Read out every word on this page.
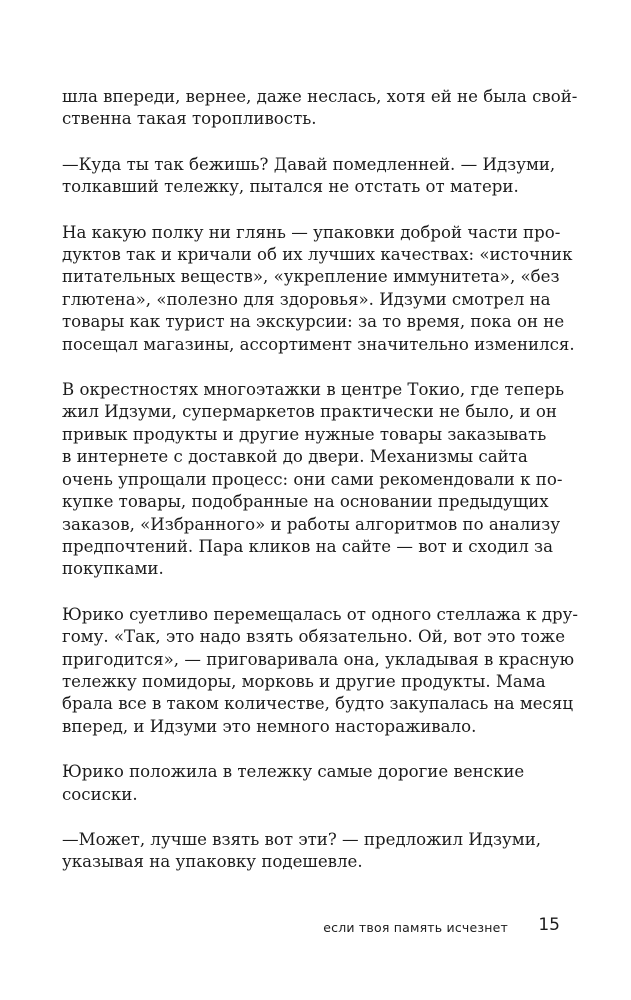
шла впереди, вернее, даже неслась, хотя ей не была свой-
ственна такая торопливость.

—Куда ты так бежишь? Давай помедленней. — Идзуми,
толкавший тележку, пытался не отстать от матери.

На какую полку ни глянь — упаковки доброй части про-
дуктов так и кричали об их лучших качествах: «источник
питательных веществ», «укрепление иммунитета», «без
глютена», «полезно для здоровья». Идзуми смотрел на
товары как турист на экскурсии: за то время, пока он не
посещал магазины, ассортимент значительно изменился.

В окрестностях многоэтажки в центре Токио, где теперь
жил Идзуми, супермаркетов практически не было, и он
привык продукты и другие нужные товары заказывать
в интернете с доставкой до двери. Механизмы сайта
очень упрощали процесс: они сами рекомендовали к по-
купке товары, подобранные на основании предыдущих
заказов, «Избранного» и работы алгоритмов по анализу
предпочтений. Пара кликов на сайте — вот и сходил за
покупками.

Юрико суетливо перемещалась от одного стеллажа к дру-
гому. «Так, это надо взять обязательно. Ой, вот это тоже
пригодится», — приговаривала она, укладывая в красную
тележку помидоры, морковь и другие продукты. Мама
брала все в таком количестве, будто закупалась на месяц
вперед, и Идзуми это немного настораживало.

Юрико положила в тележку самые дорогие венские
сосиски.

—Может, лучше взять вот эти? — предложил Идзуми,
указывая на упаковку подешевле.

если твоя память исчезнет 15
